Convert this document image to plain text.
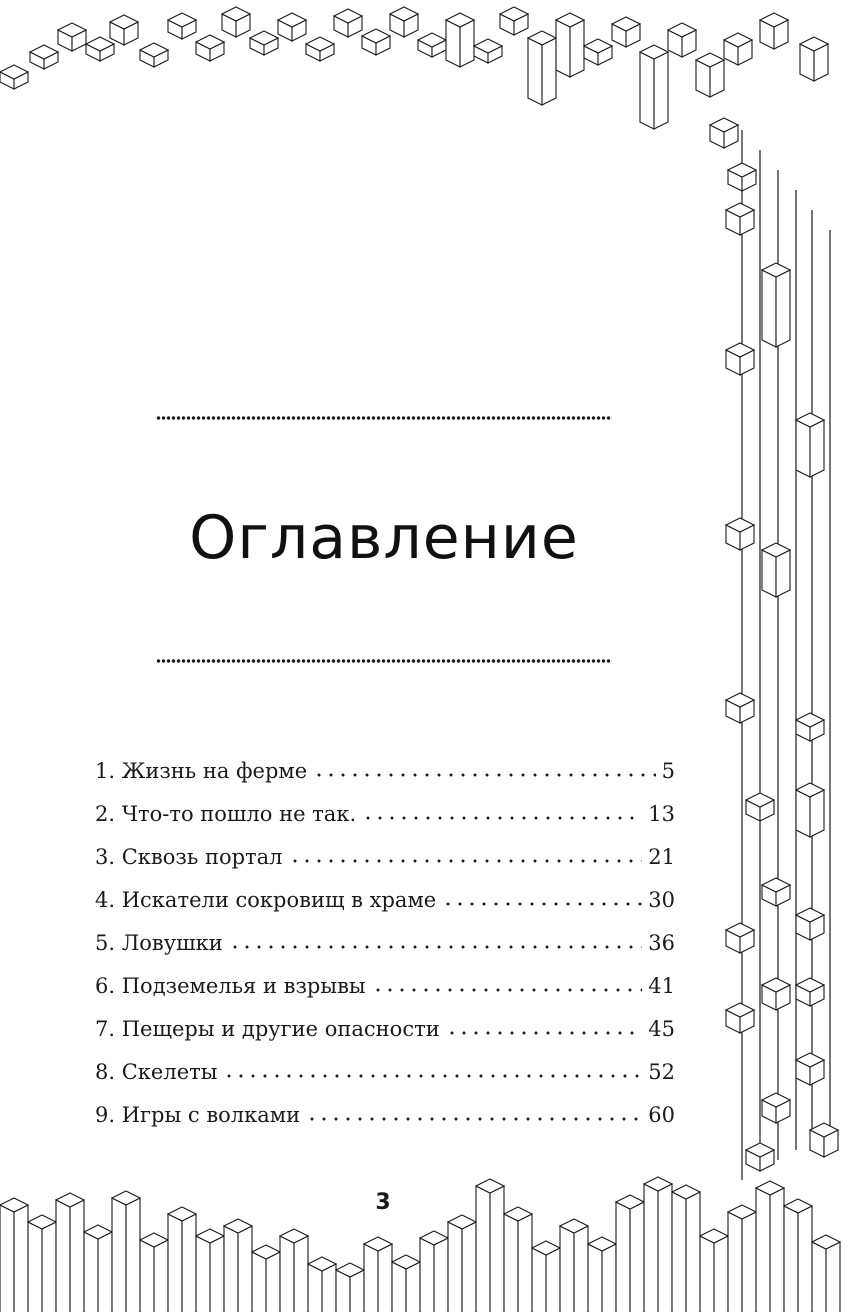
Оглавление
1. Жизнь на ферме	5
2. Что-то пошло не так.	13
3. Сквозь портал	21
4. Искатели сокровищ в храме	30
5. Ловушки	36
6. Подземелья и взрывы	41
7. Пещеры и другие опасности	45
8. Скелеты	52
9. Игры с волками	60
3
